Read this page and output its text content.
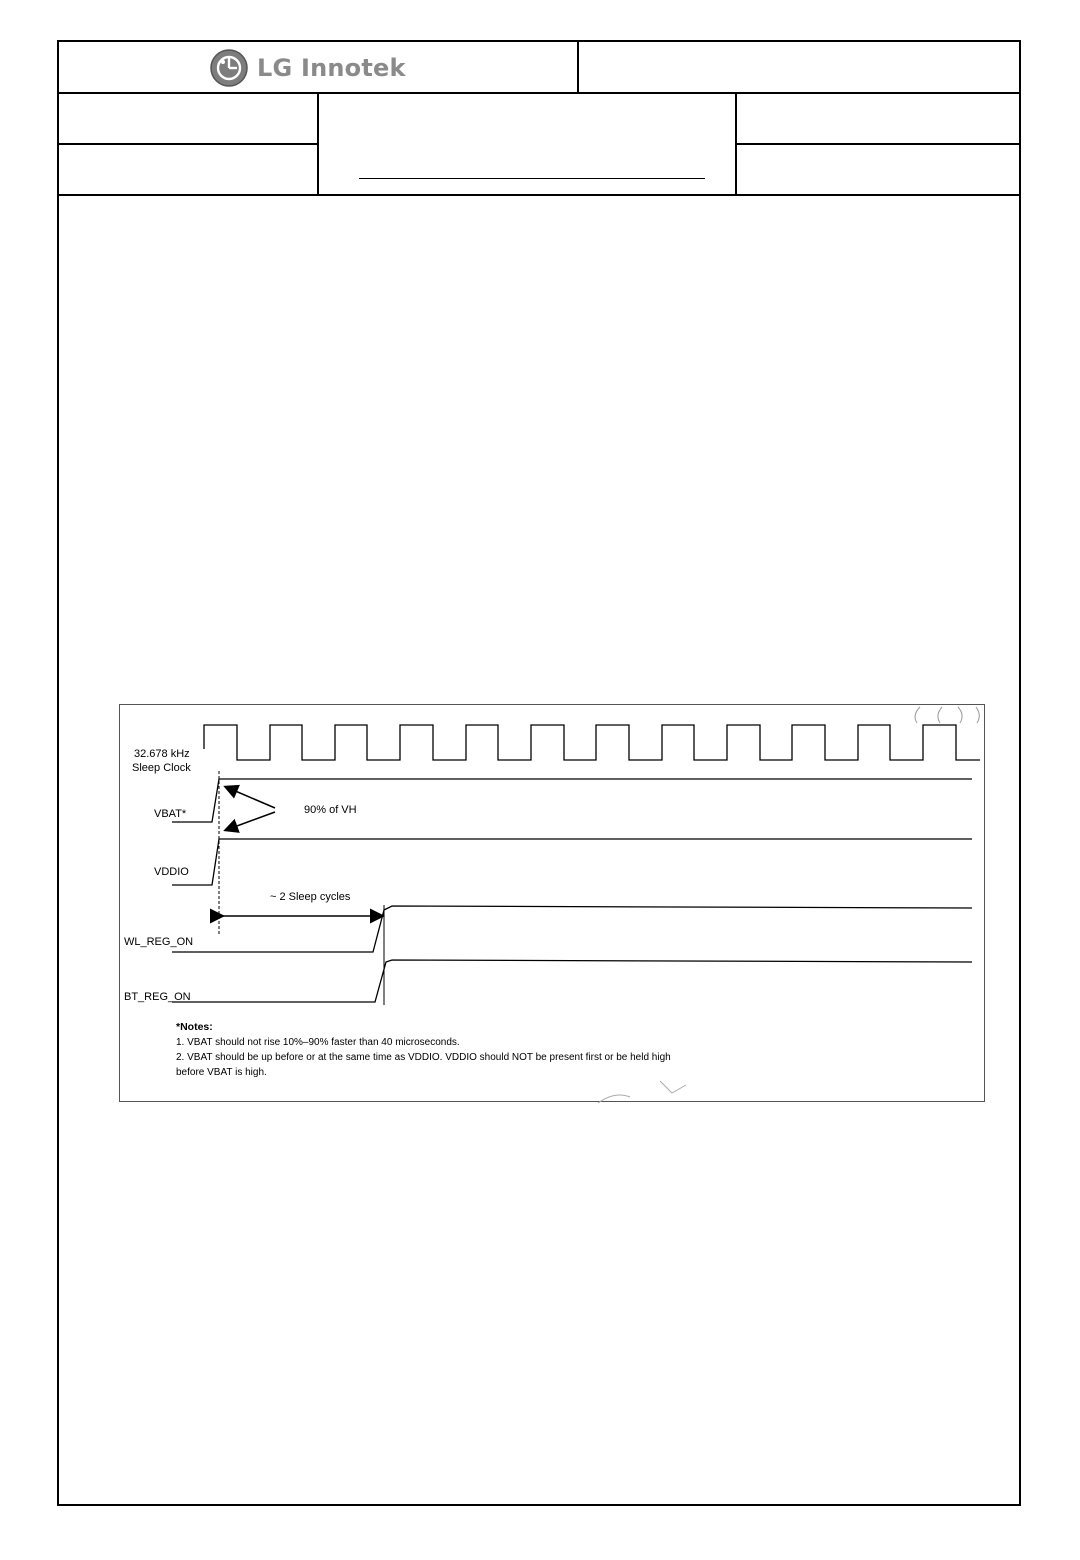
LG Innotek
32.678 kHz
Sleep Clock
VBAT*
VDDIO
90% of VH
~ 2 Sleep cycles
WL_REG_ON
BT_REG_ON
*Notes:
1. VBAT should not rise 10%–90% faster than 40 microseconds.
2. VBAT should be up before or at the same time as VDDIO. VDDIO should NOT be present first or be held high
before VBAT is high.
